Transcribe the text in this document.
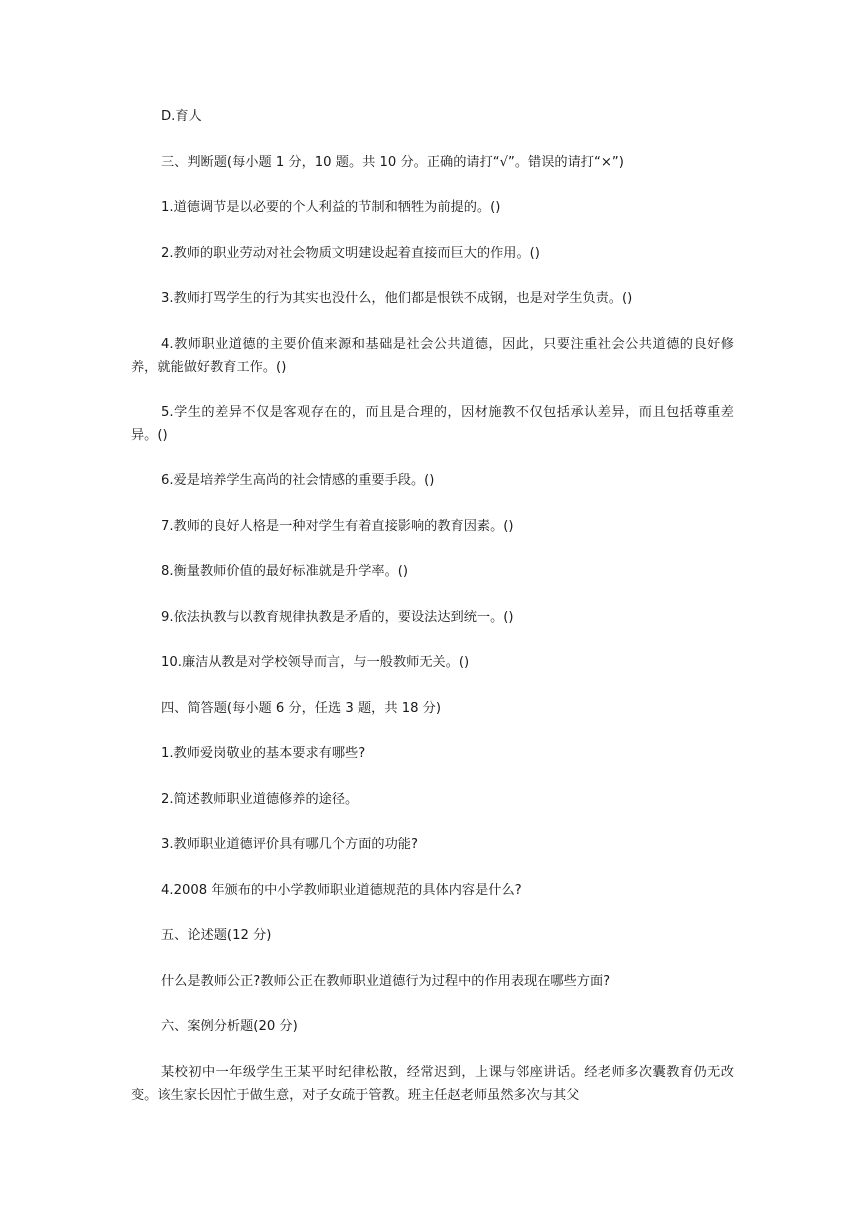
D.育人

三、判断题(每小题 1 分，10 题。共 10 分。正确的请打“√”。错误的请打“×”)

1.道德调节是以必要的个人利益的节制和牺牲为前提的。()

2.教师的职业劳动对社会物质文明建设起着直接而巨大的作用。()

3.教师打骂学生的行为其实也没什么，他们都是恨铁不成钢，也是对学生负责。()

4.教师职业道德的主要价值来源和基础是社会公共道德，因此，只要注重社会公共道德的良好修养，就能做好教育工作。()

5.学生的差异不仅是客观存在的，而且是合理的，因材施教不仅包括承认差异，而且包括尊重差异。()

6.爱是培养学生高尚的社会情感的重要手段。()

7.教师的良好人格是一种对学生有着直接影响的教育因素。()

8.衡量教师价值的最好标准就是升学率。()

9.依法执教与以教育规律执教是矛盾的，要设法达到统一。()

10.廉洁从教是对学校领导而言，与一般教师无关。()

四、简答题(每小题 6 分，任选 3 题，共 18 分)

1.教师爱岗敬业的基本要求有哪些?

2.简述教师职业道德修养的途径。

3.教师职业道德评价具有哪几个方面的功能?

4.2008 年颁布的中小学教师职业道德规范的具体内容是什么?

五、论述题(12 分)

什么是教师公正?教师公正在教师职业道德行为过程中的作用表现在哪些方面?

六、案例分析题(20 分)

某校初中一年级学生王某平时纪律松散，经常迟到，上课与邻座讲话。经老师多次囊教育仍无改变。该生家长因忙于做生意，对子女疏于管教。班主任赵老师虽然多次与其父
